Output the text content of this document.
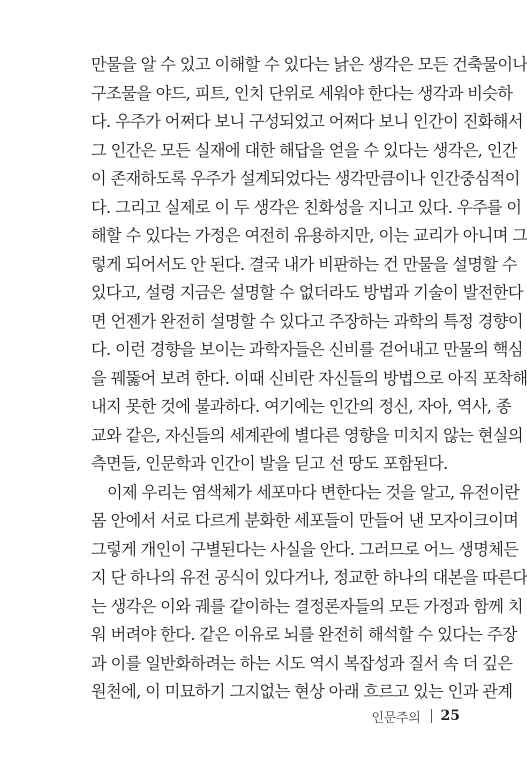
만물을 알 수 있고 이해할 수 있다는 낡은 생각은 모든 건축물이나
구조물을 야드, 피트, 인치 단위로 세워야 한다는 생각과 비슷하
다. 우주가 어쩌다 보니 구성되었고 어쩌다 보니 인간이 진화해서
그 인간은 모든 실재에 대한 해답을 얻을 수 있다는 생각은, 인간
이 존재하도록 우주가 설계되었다는 생각만큼이나 인간중심적이
다. 그리고 실제로 이 두 생각은 친화성을 지니고 있다. 우주를 이
해할 수 있다는 가정은 여전히 유용하지만, 이는 교리가 아니며 그
렇게 되어서도 안 된다. 결국 내가 비판하는 건 만물을 설명할 수
있다고, 설령 지금은 설명할 수 없더라도 방법과 기술이 발전한다
면 언젠가 완전히 설명할 수 있다고 주장하는 과학의 특정 경향이
다. 이런 경향을 보이는 과학자들은 신비를 걷어내고 만물의 핵심
을 꿰뚫어 보려 한다. 이때 신비란 자신들의 방법으로 아직 포착해
내지 못한 것에 불과하다. 여기에는 인간의 정신, 자아, 역사, 종
교와 같은, 자신들의 세계관에 별다른 영향을 미치지 않는 현실의
측면들, 인문학과 인간이 발을 딛고 선 땅도 포함된다.
이제 우리는 염색체가 세포마다 변한다는 것을 알고, 유전이란
몸 안에서 서로 다르게 분화한 세포들이 만들어 낸 모자이크이며
그렇게 개인이 구별된다는 사실을 안다. 그러므로 어느 생명체든
지 단 하나의 유전 공식이 있다거나, 정교한 하나의 대본을 따른다
는 생각은 이와 궤를 같이하는 결정론자들의 모든 가정과 함께 치
워 버려야 한다. 같은 이유로 뇌를 완전히 해석할 수 있다는 주장
과 이를 일반화하려는 하는 시도 역시 복잡성과 질서 속 더 깊은
원천에, 이 미묘하기 그지없는 현상 아래 흐르고 있는 인과 관계
인문주의 25
